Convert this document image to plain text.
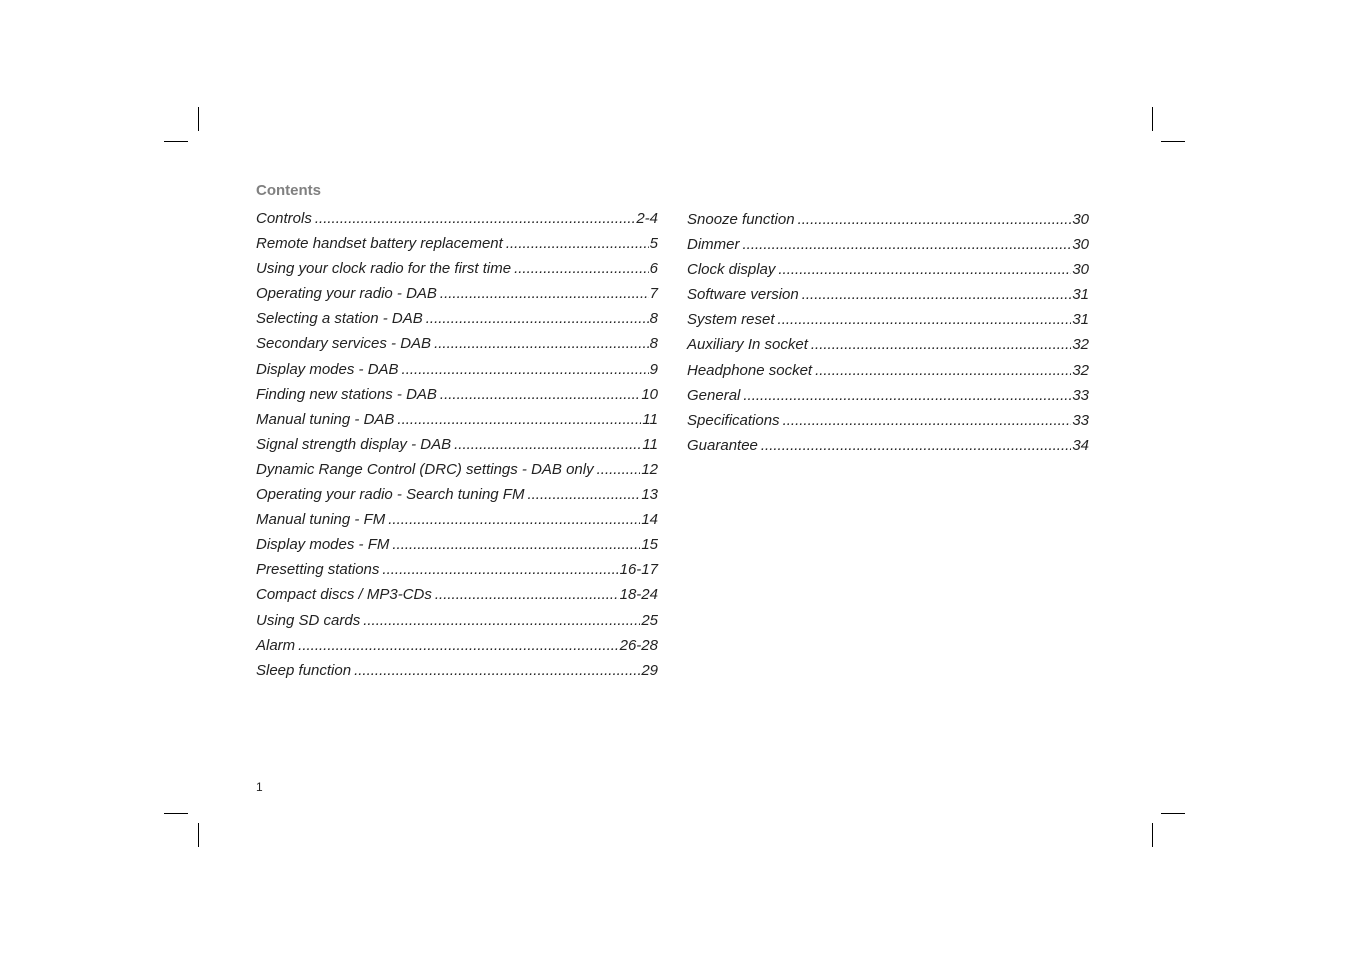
Contents
Controls .....	2-4
Remote handset battery replacement .....	5
Using your clock radio for the first time .....	6
Operating your radio - DAB .....	7
Selecting a station - DAB .....	8
Secondary services - DAB .....	8
Display modes - DAB .....	9
Finding new stations - DAB .....	10
Manual tuning - DAB .....	11
Signal strength display - DAB .....	11
Dynamic Range Control (DRC) settings - DAB only .....	12
Operating your radio - Search tuning FM .....	13
Manual tuning - FM .....	14
Display modes - FM .....	15
Presetting stations .....	16-17
Compact discs / MP3-CDs .....	18-24
Using SD cards .....	25
Alarm .....	26-28
Sleep function .....	29
Snooze function .....	30
Dimmer .....	30
Clock display .....	30
Software version .....	31
System reset .....	31
Auxiliary In socket .....	32
Headphone socket .....	32
General .....	33
Specifications .....	33
Guarantee .....	34
1
